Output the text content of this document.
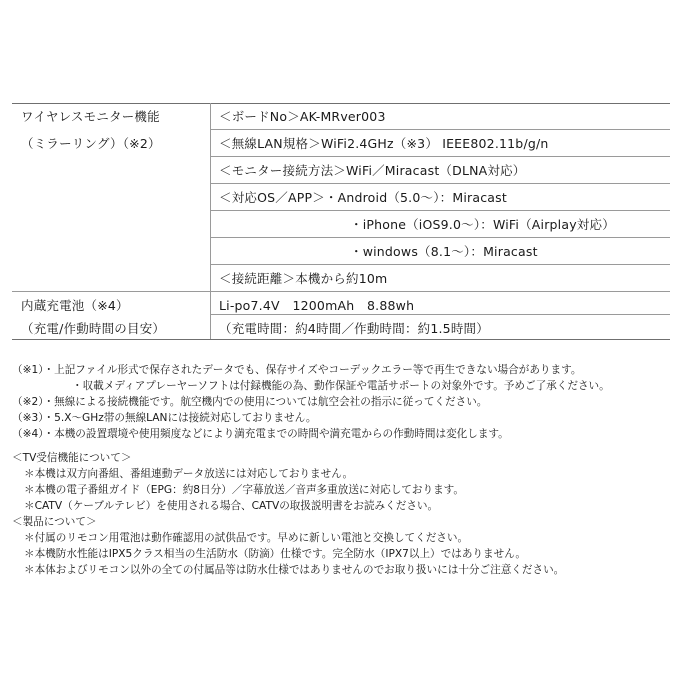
ワイヤレスモニター機能	＜ボードNo＞AK-MRver003
（ミラーリング）（※2）	＜無線LAN規格＞WiFi2.4GHz（※3） IEEE802.11b/g/n
＜モニター接続方法＞WiFi／Miracast（DLNA対応）
＜対応OS／APP＞・Android（5.0〜）：Miracast
・iPhone（iOS9.0〜）：WiFi（Airplay対応）
・windows（8.1〜）：Miracast
＜接続距離＞本機から約10m
内蔵充電池（※4）	Li-po7.4V　1200mAh　8.88wh
（充電/作動時間の目安）	（充電時間：約4時間／作動時間：約1.5時間）
（※1）・上記ファイル形式で保存されたデータでも、保存サイズやコーデックエラー等で再生できない場合があります。
・収載メディアプレーヤーソフトは付録機能の為、動作保証や電話サポートの対象外です。予めご了承ください。
（※2）・無線による接続機能です。航空機内での使用については航空会社の指示に従ってください。
（※3）・5.X〜GHz帯の無線LANには接続対応しておりません。
（※4）・本機の設置環境や使用頻度などにより満充電までの時間や満充電からの作動時間は変化します。
＜TV受信機能について＞
＊本機は双方向番組、番組連動データ放送には対応しておりません。
＊本機の電子番組ガイド（EPG：約8日分）／字幕放送／音声多重放送に対応しております。
＊CATV（ケーブルテレビ）を使用される場合、CATVの取扱説明書をお読みください。
＜製品について＞
＊付属のリモコン用電池は動作確認用の試供品です。早めに新しい電池と交換してください。
＊本機防水性能はIPX5クラス相当の生活防水（防滴）仕様です。完全防水（IPX7以上）ではありません。
＊本体およびリモコン以外の全ての付属品等は防水仕様ではありませんのでお取り扱いには十分ご注意ください。
